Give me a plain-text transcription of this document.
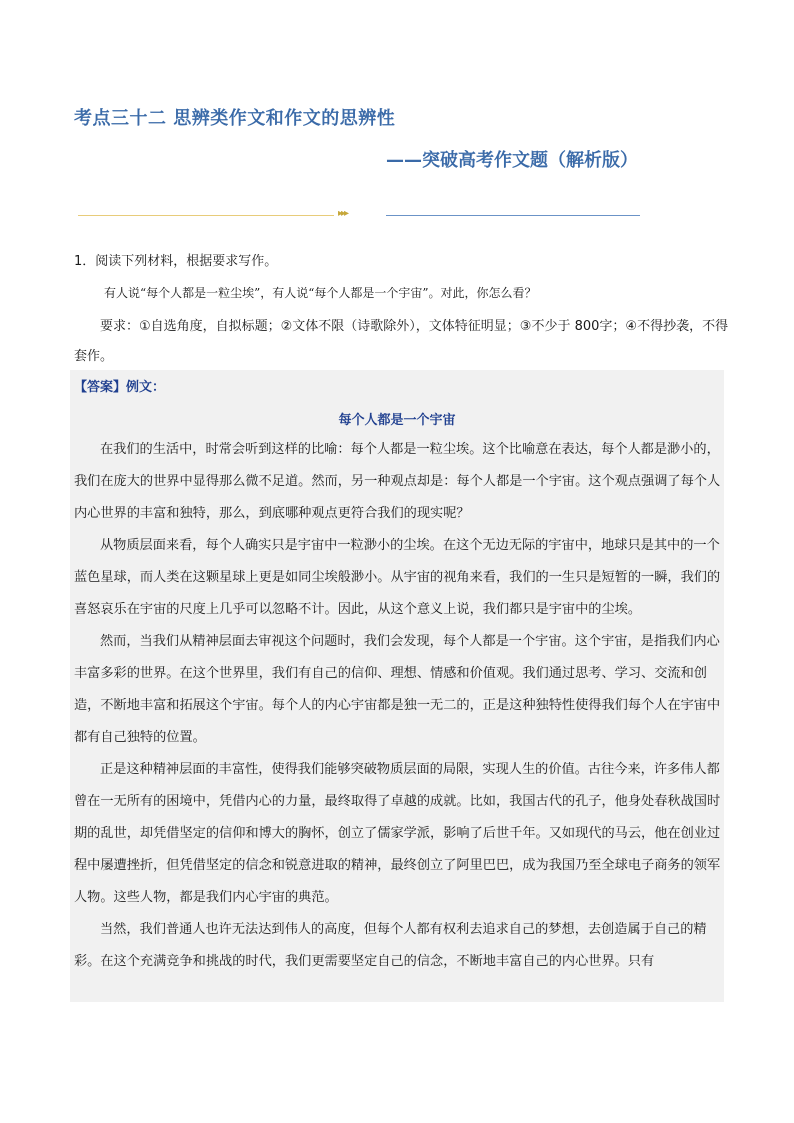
考点三十二 思辨类作文和作文的思辨性
——突破高考作文题（解析版）
▸▸▸
1．阅读下列材料，根据要求写作。
有人说“每个人都是一粒尘埃”，有人说“每个人都是一个宇宙”。对此，你怎么看？
要求：①自选角度，自拟标题；②文体不限（诗歌除外），文体特征明显；③不少于 800字；④不得抄袭，不得套作。
【答案】例文：
每个人都是一个宇宙

在我们的生活中，时常会听到这样的比喻：每个人都是一粒尘埃。这个比喻意在表达，每个人都是渺小的，我们在庞大的世界中显得那么微不足道。然而，另一种观点却是：每个人都是一个宇宙。这个观点强调了每个人内心世界的丰富和独特，那么，到底哪种观点更符合我们的现实呢？

从物质层面来看，每个人确实只是宇宙中一粒渺小的尘埃。在这个无边无际的宇宙中，地球只是其中的一个蓝色星球，而人类在这颗星球上更是如同尘埃般渺小。从宇宙的视角来看，我们的一生只是短暂的一瞬，我们的喜怒哀乐在宇宙的尺度上几乎可以忽略不计。因此，从这个意义上说，我们都只是宇宙中的尘埃。

然而，当我们从精神层面去审视这个问题时，我们会发现，每个人都是一个宇宙。这个宇宙，是指我们内心丰富多彩的世界。在这个世界里，我们有自己的信仰、理想、情感和价值观。我们通过思考、学习、交流和创造，不断地丰富和拓展这个宇宙。每个人的内心宇宙都是独一无二的，正是这种独特性使得我们每个人在宇宙中都有自己独特的位置。

正是这种精神层面的丰富性，使得我们能够突破物质层面的局限，实现人生的价值。古往今来，许多伟人都曾在一无所有的困境中，凭借内心的力量，最终取得了卓越的成就。比如，我国古代的孔子，他身处春秋战国时期的乱世，却凭借坚定的信仰和博大的胸怀，创立了儒家学派，影响了后世千年。又如现代的马云，他在创业过程中屡遭挫折，但凭借坚定的信念和锐意进取的精神，最终创立了阿里巴巴，成为我国乃至全球电子商务的领军人物。这些人物，都是我们内心宇宙的典范。

当然，我们普通人也许无法达到伟人的高度，但每个人都有权利去追求自己的梦想，去创造属于自己的精彩。在这个充满竞争和挑战的时代，我们更需要坚定自己的信念，不断地丰富自己的内心世界。只有
